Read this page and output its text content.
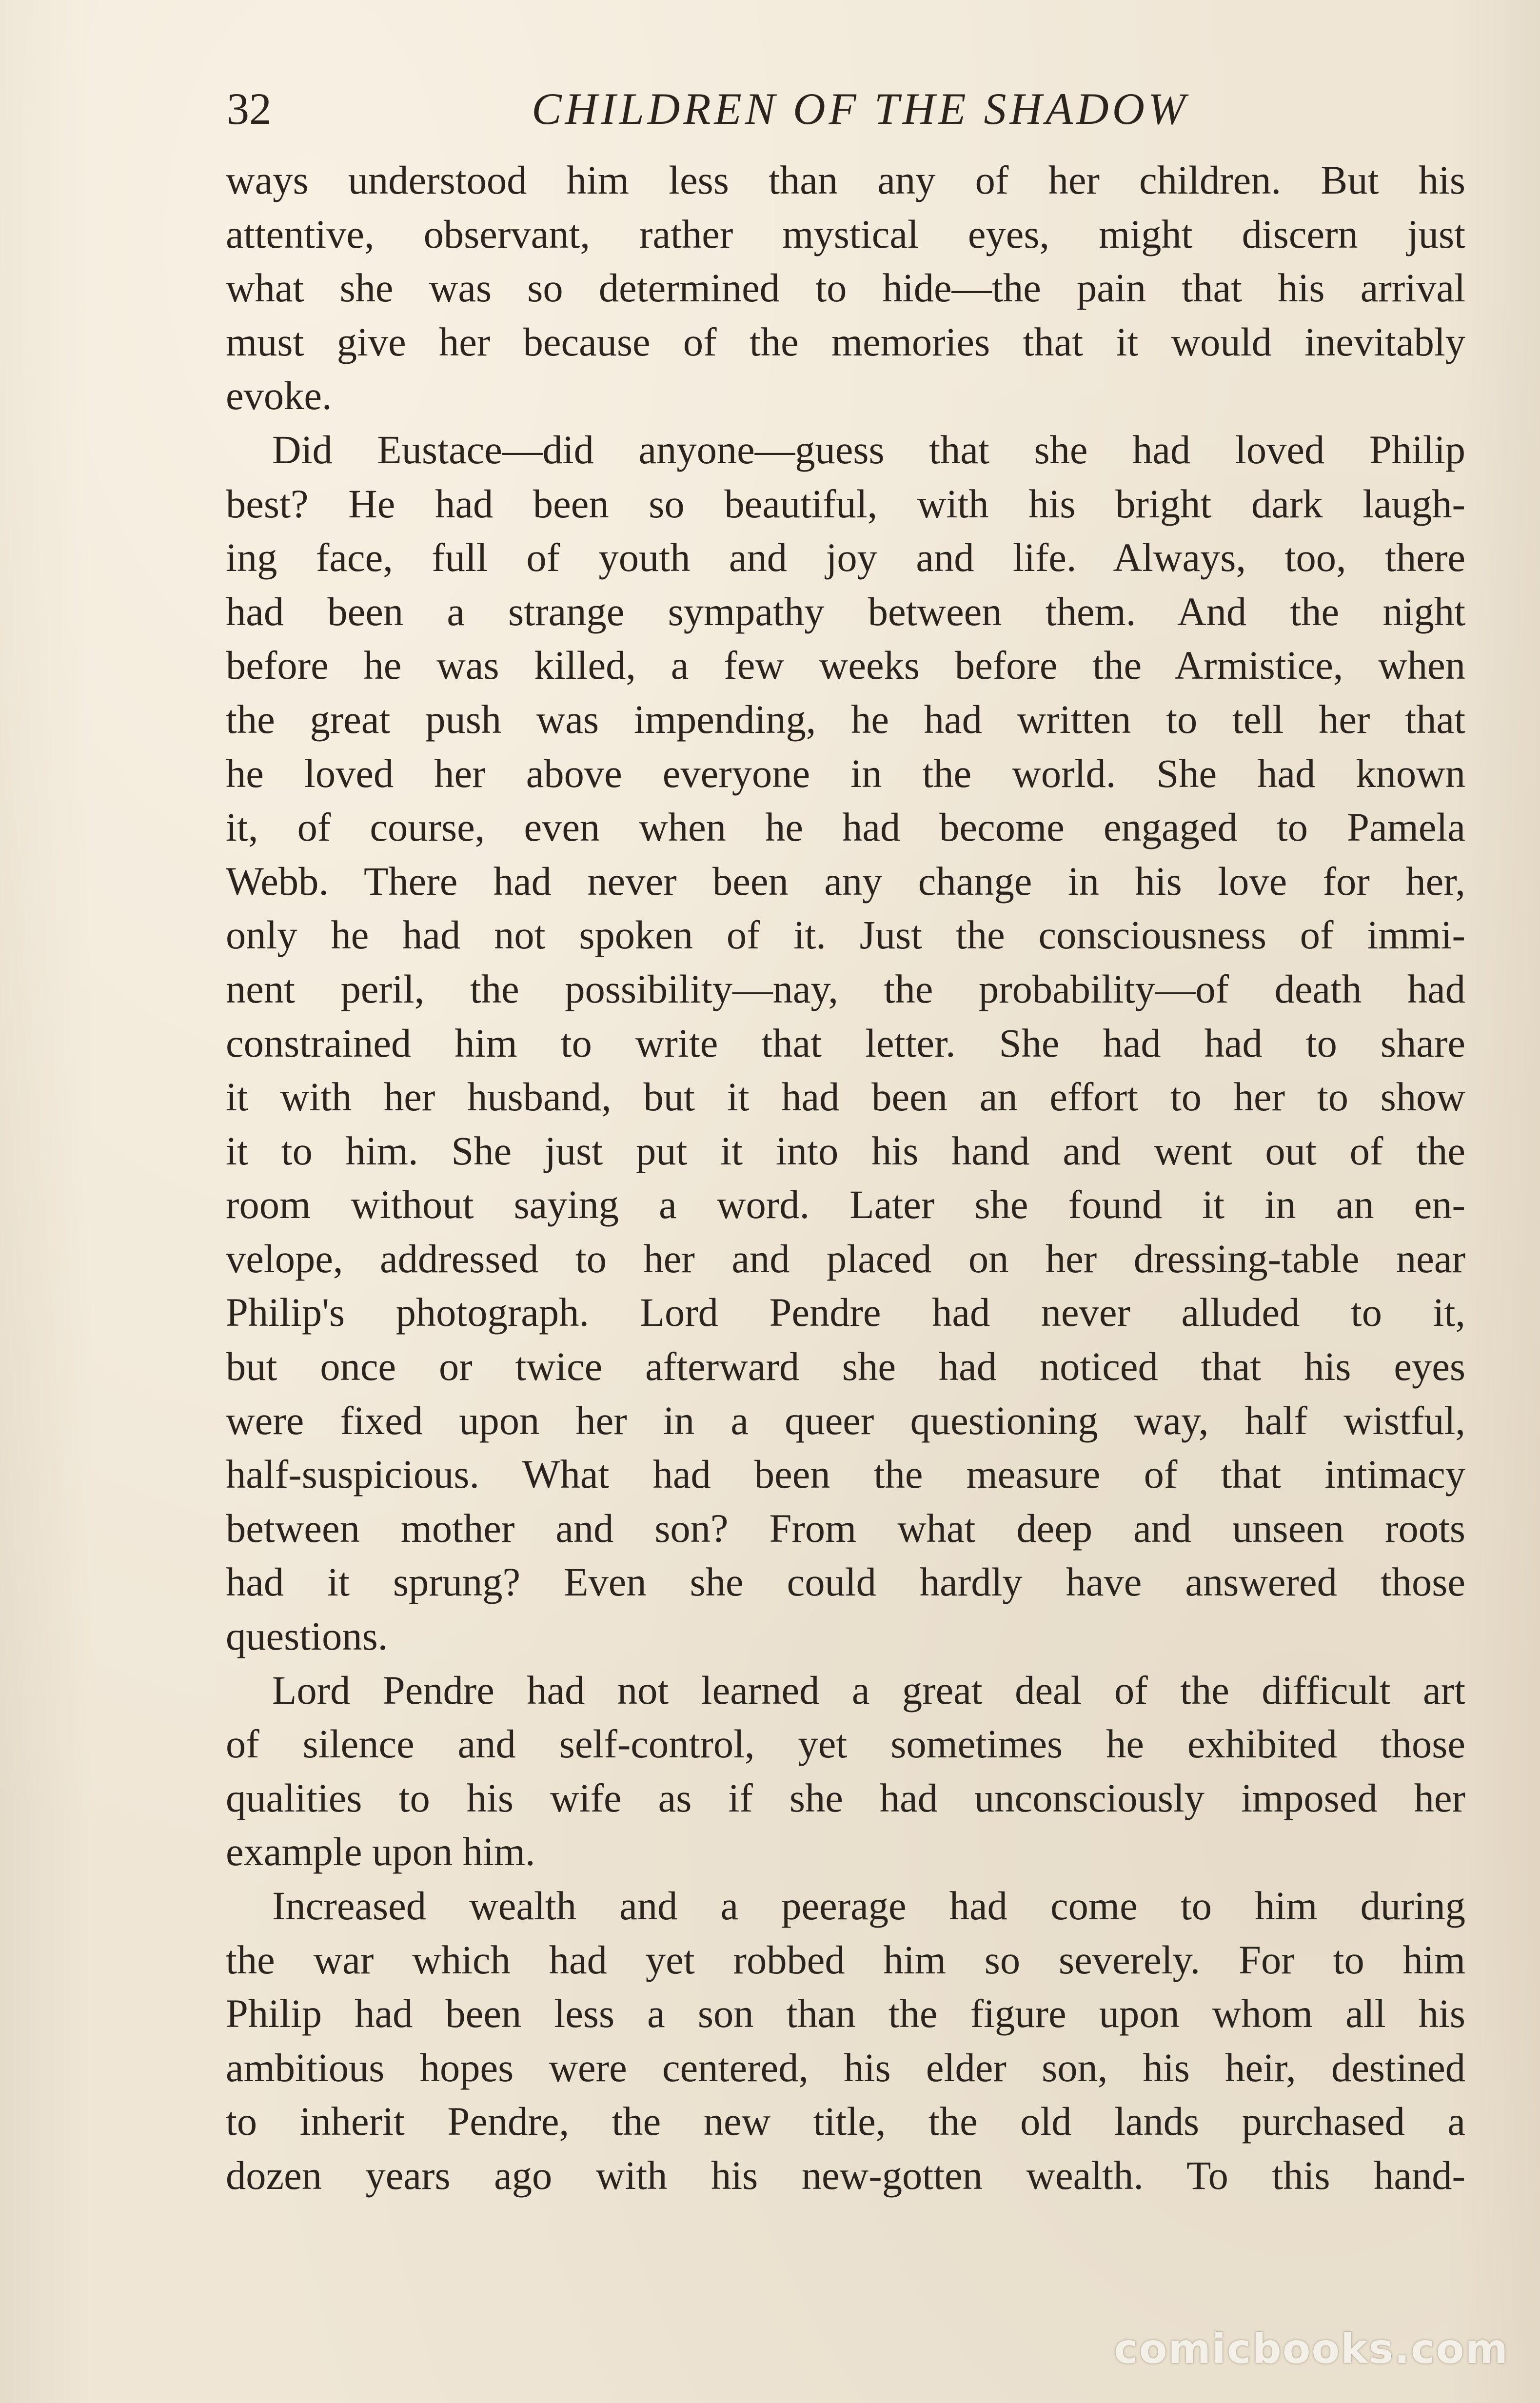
32	CHILDREN OF THE SHADOW

ways understood him less than any of her children. But his

attentive, observant, rather mystical eyes, might discern just

what she was so determined to hide—the pain that his arrival

must give her because of the memories that it would inevitably

evoke.

Did Eustace—did anyone—guess that she had loved Philip

best? He had been so beautiful, with his bright dark laugh-

ing face, full of youth and joy and life. Always, too, there

had been a strange sympathy between them. And the night

before he was killed, a few weeks before the Armistice, when

the great push was impending, he had written to tell her that

he loved her above everyone in the world. She had known

it, of course, even when he had become engaged to Pamela

Webb. There had never been any change in his love for her,

only he had not spoken of it. Just the consciousness of immi-

nent peril, the possibility—nay, the probability—of death had

constrained him to write that letter. She had had to share

it with her husband, but it had been an effort to her to show

it to him. She just put it into his hand and went out of the

room without saying a word. Later she found it in an en-

velope, addressed to her and placed on her dressing-table near

Philip's photograph. Lord Pendre had never alluded to it,

but once or twice afterward she had noticed that his eyes

were fixed upon her in a queer questioning way, half wistful,

half-suspicious. What had been the measure of that intimacy

between mother and son? From what deep and unseen roots

had it sprung? Even she could hardly have answered those

questions.

Lord Pendre had not learned a great deal of the difficult art

of silence and self-control, yet sometimes he exhibited those

qualities to his wife as if she had unconsciously imposed her

example upon him.

Increased wealth and a peerage had come to him during

the war which had yet robbed him so severely. For to him

Philip had been less a son than the figure upon whom all his

ambitious hopes were centered, his elder son, his heir, destined

to inherit Pendre, the new title, the old lands purchased a

dozen years ago with his new-gotten wealth. To this hand-

comicbooks.com
